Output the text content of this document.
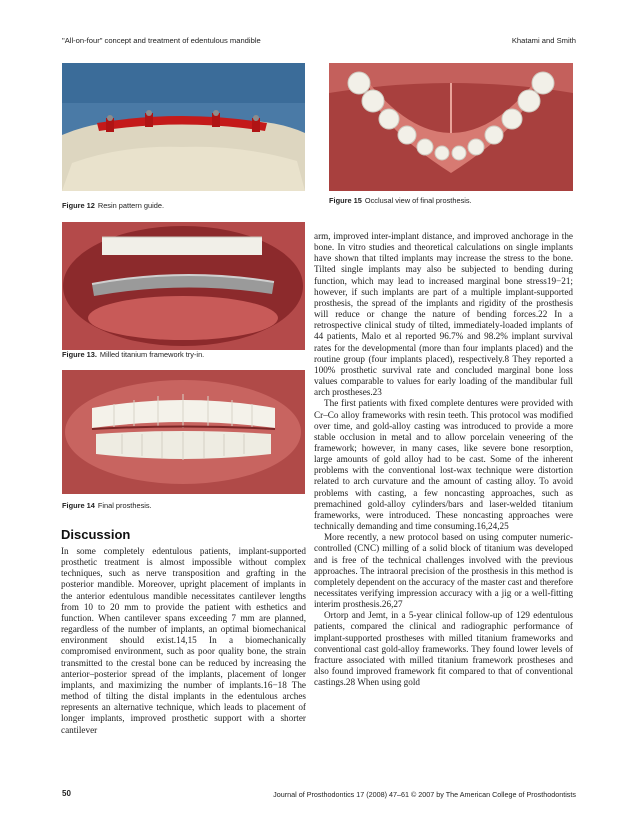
"All-on-four" concept and treatment of edentulous mandible	Khatami and Smith
Figure 12 Resin pattern guide.
Figure 13. Milled titanium framework try-in.
Figure 14 Final prosthesis.
Figure 15 Occlusal view of final prosthesis.
Discussion

In some completely edentulous patients, implant-supported prosthetic treatment is almost impossible without complex techniques, such as nerve transposition and grafting in the posterior mandible. Moreover, upright placement of implants in the anterior edentulous mandible necessitates cantilever lengths from 10 to 20 mm to provide the patient with esthetics and function. When cantilever spans exceeding 7 mm are planned, regardless of the number of implants, an optimal biomechanical environment should exist.14,15 In a biomechanically compromised environment, such as poor quality bone, the strain transmitted to the crestal bone can be reduced by increasing the anterior–posterior spread of the implants, placement of longer implants, and maximizing the number of implants.16−18 The method of tilting the distal implants in the edentulous arches represents an alternative technique, which leads to placement of longer implants, improved prosthetic support with a shorter cantilever

arm, improved inter-implant distance, and improved anchorage in the bone. In vitro studies and theoretical calculations on single implants have shown that tilted implants may increase the stress to the bone. Tilted single implants may also be subjected to bending during function, which may lead to increased marginal bone stress19−21; however, if such implants are part of a multiple implant-supported prosthesis, the spread of the implants and rigidity of the prosthesis will reduce or change the nature of bending forces.22 In a retrospective clinical study of tilted, immediately-loaded implants of 44 patients, Malo et al reported 96.7% and 98.2% implant survival rates for the developmental (more than four implants placed) and the routine group (four implants placed), respectively.8 They reported a 100% prosthetic survival rate and concluded marginal bone loss values comparable to values for early loading of the mandibular full arch prostheses.23

The first patients with fixed complete dentures were provided with Cr–Co alloy frameworks with resin teeth. This protocol was modified over time, and gold-alloy casting was introduced to provide a more stable occlusion in metal and to allow porcelain veneering of the framework; however, in many cases, like severe bone resorption, large amounts of gold alloy had to be cast. Some of the inherent problems with the conventional lost-wax technique were distortion related to arch curvature and the amount of casting alloy. To avoid problems with casting, a few noncasting approaches, such as premachined gold-alloy cylinders/bars and laser-welded titanium frameworks, were introduced. These noncasting approaches were technically demanding and time consuming.16,24,25

More recently, a new protocol based on using computer numeric-controlled (CNC) milling of a solid block of titanium was developed and is free of the technical challenges involved with the previous approaches. The intraoral precision of the prosthesis in this method is completely dependent on the accuracy of the master cast and therefore necessitates verifying impression accuracy with a jig or a well-fitting interim prosthesis.26,27

Ortorp and Jemt, in a 5-year clinical follow-up of 129 edentulous patients, compared the clinical and radiographic performance of implant-supported prostheses with milled titanium frameworks and conventional cast gold-alloy frameworks. They found lower levels of fracture associated with milled titanium framework prostheses and also found improved framework fit compared to that of conventional castings.28 When using gold

50	Journal of Prosthodontics 17 (2008) 47–61 © 2007 by The American College of Prosthodontists
